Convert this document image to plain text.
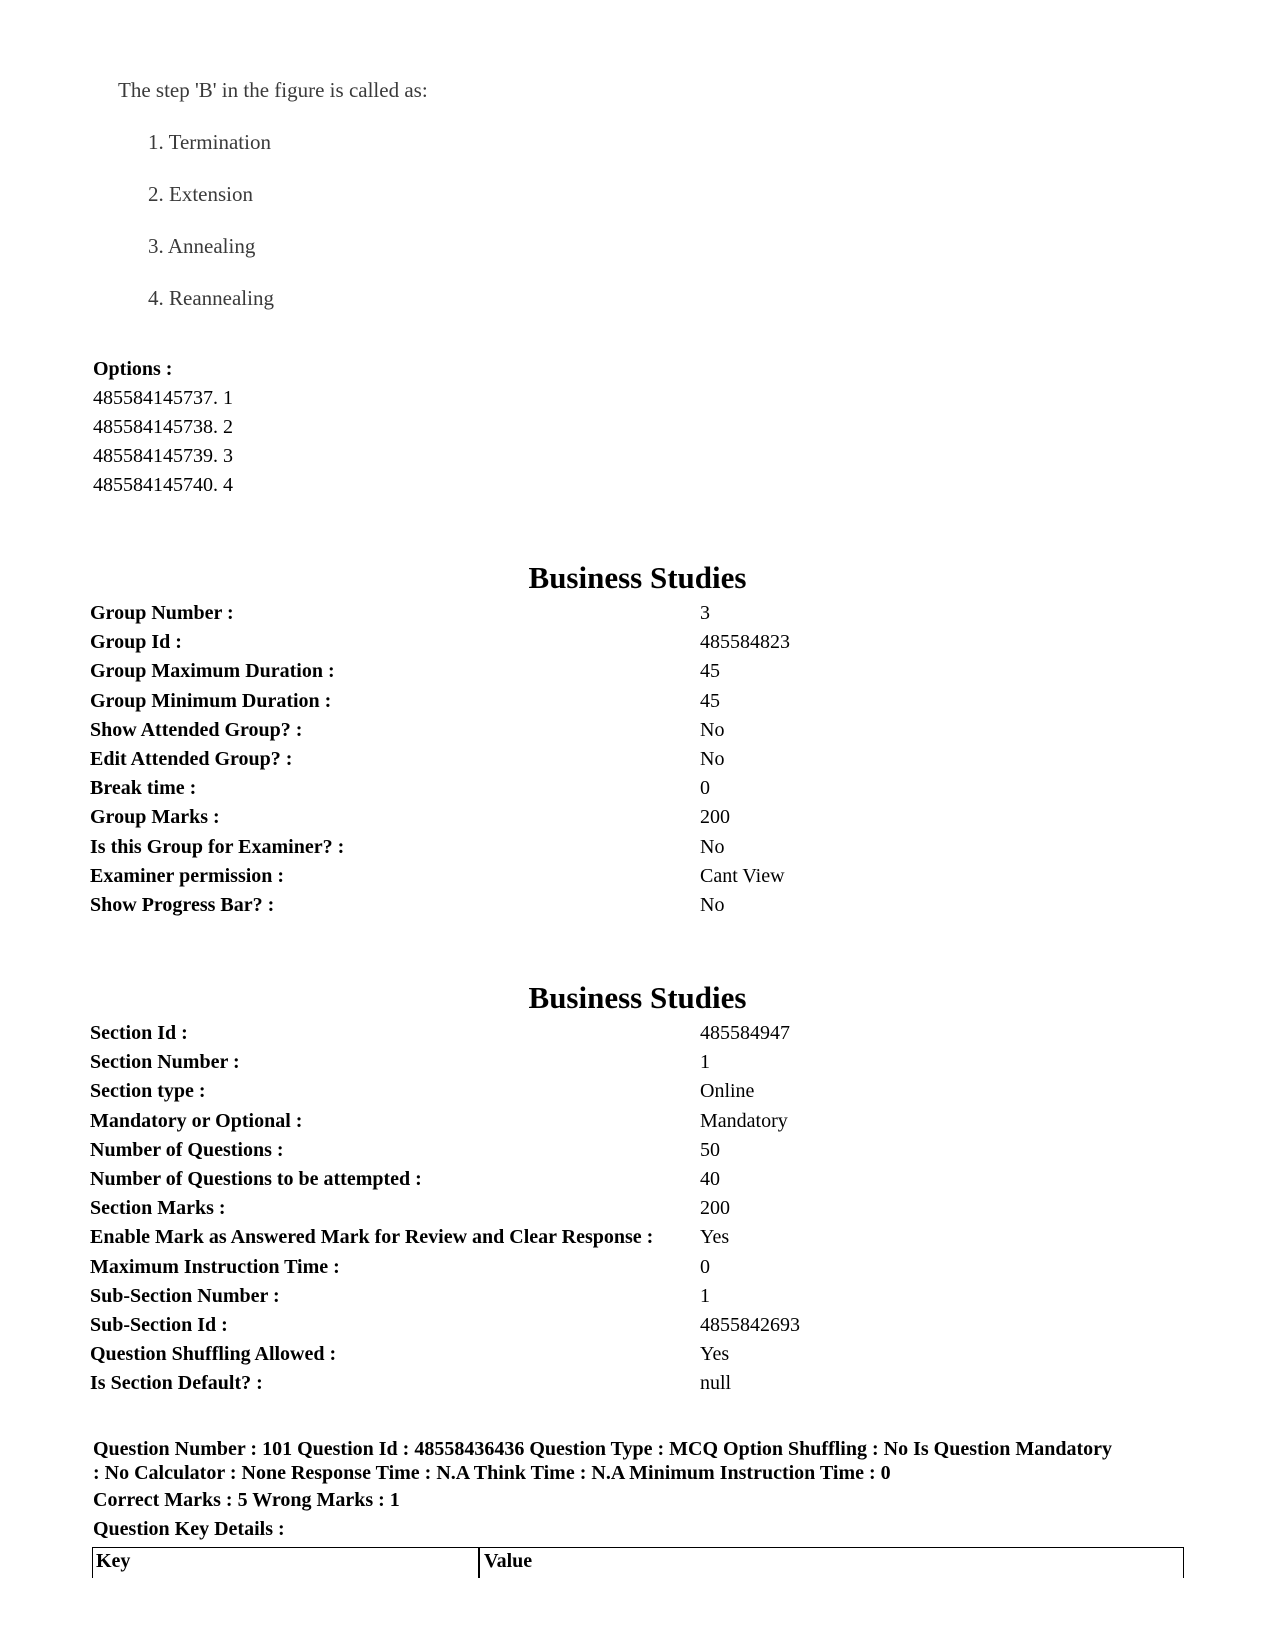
The step 'B' in the figure is called as:
1. Termination
2. Extension
3. Annealing
4. Reannealing
Options :
485584145737. 1
485584145738. 2
485584145739. 3
485584145740. 4
Business Studies
Group Number :	3
Group Id :	485584823
Group Maximum Duration :	45
Group Minimum Duration :	45
Show Attended Group? :	No
Edit Attended Group? :	No
Break time :	0
Group Marks :	200
Is this Group for Examiner? :	No
Examiner permission :	Cant View
Show Progress Bar? :	No
Business Studies
Section Id :	485584947
Section Number :	1
Section type :	Online
Mandatory or Optional :	Mandatory
Number of Questions :	50
Number of Questions to be attempted :	40
Section Marks :	200
Enable Mark as Answered Mark for Review and Clear Response : Yes
Maximum Instruction Time :	0
Sub-Section Number :	1
Sub-Section Id :	4855842693
Question Shuffling Allowed :	Yes
Is Section Default? :	null
Question Number : 101 Question Id : 48558436436 Question Type : MCQ Option Shuffling : No Is Question Mandatory
: No Calculator : None Response Time : N.A Think Time : N.A Minimum Instruction Time : 0
Correct Marks : 5 Wrong Marks : 1
Question Key Details :
Key	Value
